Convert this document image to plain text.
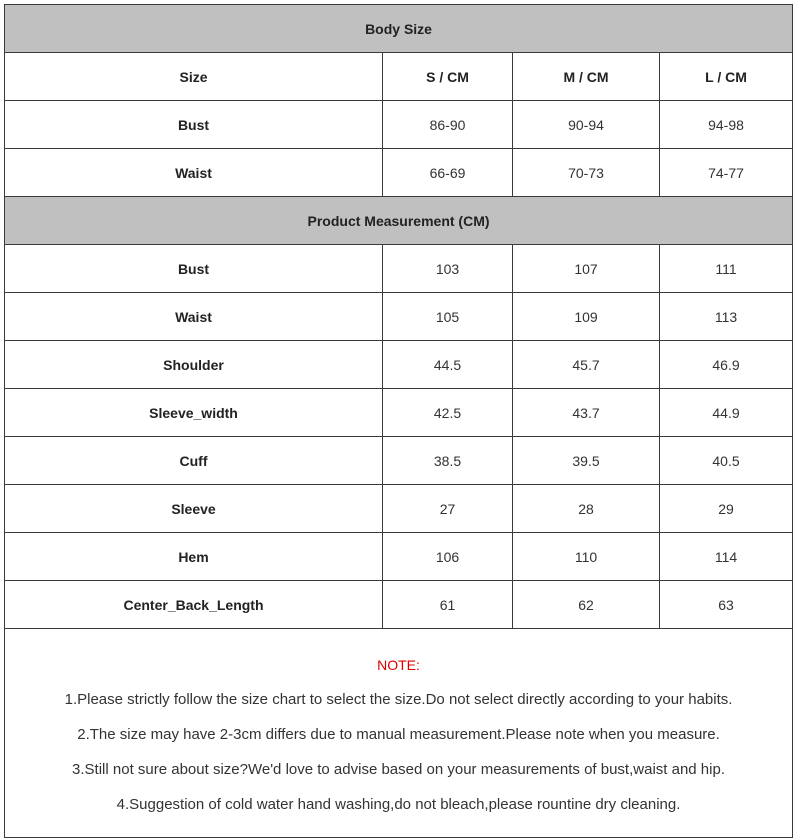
Body Size			
Size	S / CM	M / CM	L / CM
Bust	86-90	90-94	94-98
Waist	66-69	70-73	74-77
Product Measurement (CM)			
Bust	103	107	111
Waist	105	109	113
Shoulder	44.5	45.7	46.9
Sleeve_width	42.5	43.7	44.9
Cuff	38.5	39.5	40.5
Sleeve	27	28	29
Hem	106	110	114
Center_Back_Length	61	62	63

NOTE:
1.Please strictly follow the size chart to select the size.Do not select directly according to your habits.
2.The size may have 2-3cm differs due to manual measurement.Please note when you measure.
3.Still not sure about size?We'd love to advise based on your measurements of bust,waist and hip.
4.Suggestion of cold water hand washing,do not bleach,please rountine dry cleaning.			
